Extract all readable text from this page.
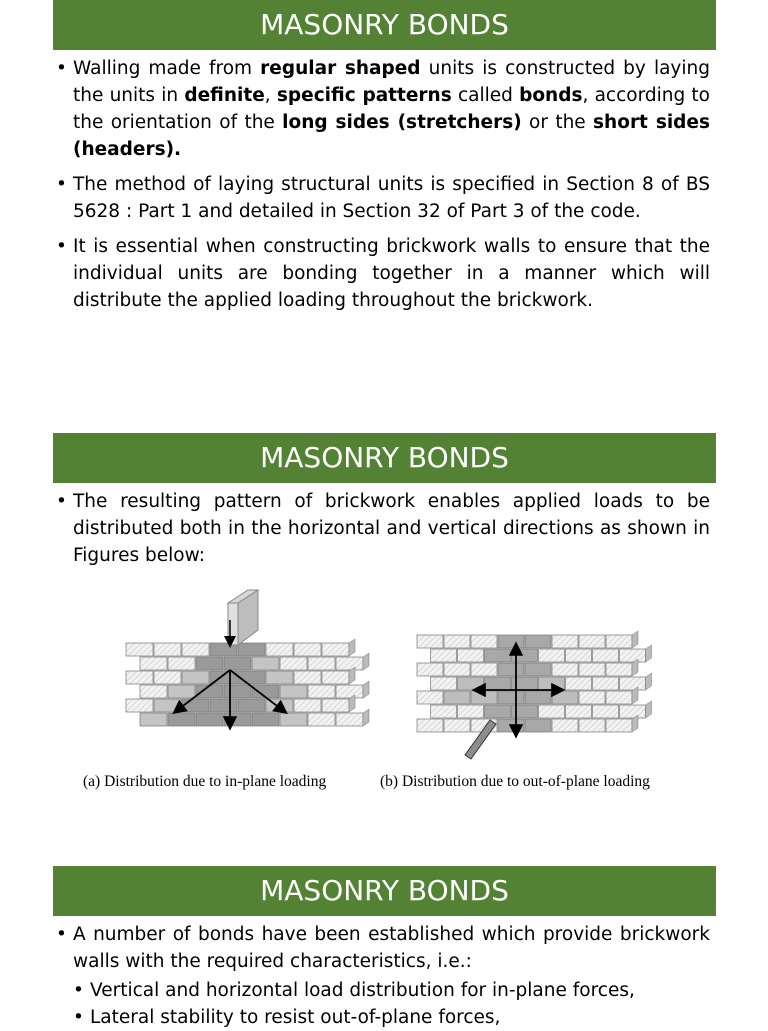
MASONRY BONDS
• Walling made from regular shaped units is constructed by laying the units in definite, specific patterns called bonds, according to the orientation of the long sides (stretchers) or the short sides (headers).
• The method of laying structural units is specified in Section 8 of BS 5628 : Part 1 and detailed in Section 32 of Part 3 of the code.
• It is essential when constructing brickwork walls to ensure that the individual units are bonding together in a manner which will distribute the applied loading throughout the brickwork.
MASONRY BONDS
• The resulting pattern of brickwork enables applied loads to be distributed both in the horizontal and vertical directions as shown in Figures below:
(a) Distribution due to in-plane loading	(b) Distribution due to out-of-plane loading
MASONRY BONDS
• A number of bonds have been established which provide brickwork walls with the required characteristics, i.e.:
• Vertical and horizontal load distribution for in-plane forces,
• Lateral stability to resist out-of-plane forces,
